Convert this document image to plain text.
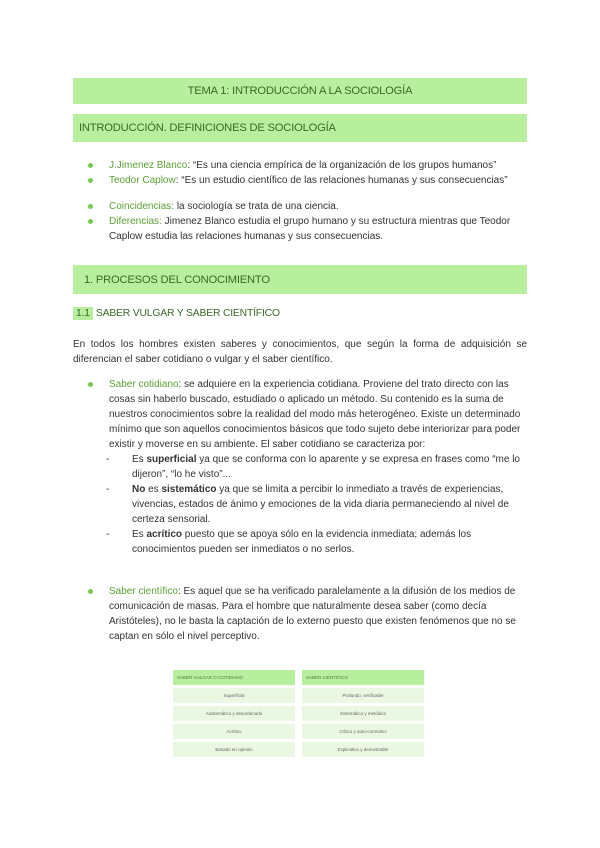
TEMA 1: INTRODUCCIÓN A LA SOCIOLOGÍA
INTRODUCCIÓN. DEFINICIONES DE SOCIOLOGÍA
J.Jimenez Blanco: “Es una ciencia empírica de la organización de los grupos humanos”
Teodor Caplow: “Es un estudio científico de las relaciones humanas y sus consecuencias”
Coincidencias: la sociología se trata de una ciencia.
Diferencias: Jimenez Blanco estudia el grupo humano y su estructura mientras que Teodor Caplow estudia las relaciones humanas y sus consecuencias.
1. PROCESOS DEL CONOCIMIENTO
1.1 SABER VULGAR Y SABER CIENTÍFICO
En todos los hombres existen saberes y conocimientos, que según la forma de adquisición se diferencian el saber cotidiano o vulgar y el saber científico.
Saber cotidiano: se adquiere en la experiencia cotidiana. Proviene del trato directo con las cosas sin haberlo buscado, estudiado o aplicado un método. Su contenido es la suma de nuestros conocimientos sobre la realidad del modo más heterogéneo. Existe un determinado mínimo que son aquellos conocimientos básicos que todo sujeto debe interiorizar para poder existir y moverse en su ambiente. El saber cotidiano se caracteriza por:
- Es superficial ya que se conforma con lo aparente y se expresa en frases como “me lo dijeron”, “lo he visto”...
- No es sistemático ya que se limita a percibir lo inmediato a través de experiencias, vivencias, estados de ánimo y emociones de la vida diaria permaneciendo al nivel de certeza sensorial.
- Es acrítico puesto que se apoya sólo en la evidencia inmediata; además los conocimientos pueden ser inmediatos o no serlos.
Saber científico: Es aquel que se ha verificado paralelamente a la difusión de los medios de comunicación de masas. Para el hombre que naturalmente desea saber (como decía Aristóteles), no le basta la captación de lo externo puesto que existen fenómenos que no se captan en sólo el nivel perceptivo.
SABER VULGAR O COTIDIANO	SABER CIENTÍFICO
Superficial	Profundo, verificable
Asistemático y desordenado	Sistemático y metódico
Acrítico	Crítico y auto-correctivo
Basado en opinión	Explicativo y demostrable
